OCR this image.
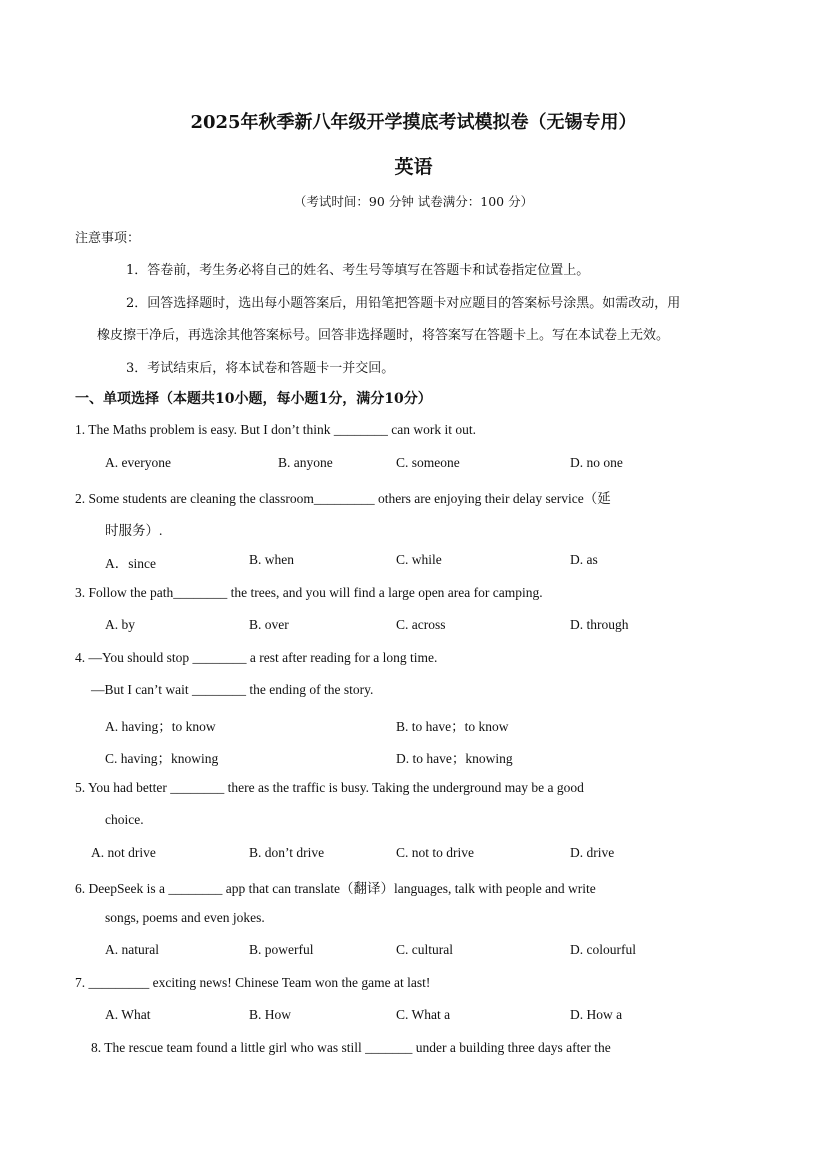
2025年秋季新八年级开学摸底考试模拟卷（无锡专用）
英语
（考试时间：90 分钟 试卷满分：100 分）
注意事项：
1．答卷前，考生务必将自己的姓名、考生号等填写在答题卡和试卷指定位置上。
2．回答选择题时，选出每小题答案后，用铅笔把答题卡对应题目的答案标号涂黑。如需改动，用
橡皮擦干净后，再选涂其他答案标号。回答非选择题时，将答案写在答题卡上。写在本试卷上无效。
3．考试结束后，将本试卷和答题卡一并交回。
一、单项选择（本题共10小题，每小题1分，满分10分）
1. The Maths problem is easy. But I don’t think ________ can work it out.
A. everyone	B. anyone	C. someone	D. no one
2. Some students are cleaning the classroom_________ others are enjoying their delay service（延
时服务）.
A．since	B. when	C. while	D. as
3. Follow the path________ the trees, and you will find a large open area for camping.
A. by	B. over	C. across	D. through
4. —You should stop ________ a rest after reading for a long time.
—But I can’t wait ________ the ending of the story.
A. having；to know	B. to have；to know
C. having；knowing	D. to have；knowing
5. You had better ________ there as the traffic is busy. Taking the underground may be a good
choice.
A. not drive	B. don’t drive	C. not to drive	D. drive
6. DeepSeek is a ________ app that can translate（翻译）languages, talk with people and write
songs, poems and even jokes.
A. natural	B. powerful	C. cultural	D. colourful
7. _________ exciting news! Chinese Team won the game at last!
A. What	B. How	C. What a	D. How a
8. The rescue team found a little girl who was still _______ under a building three days after the
